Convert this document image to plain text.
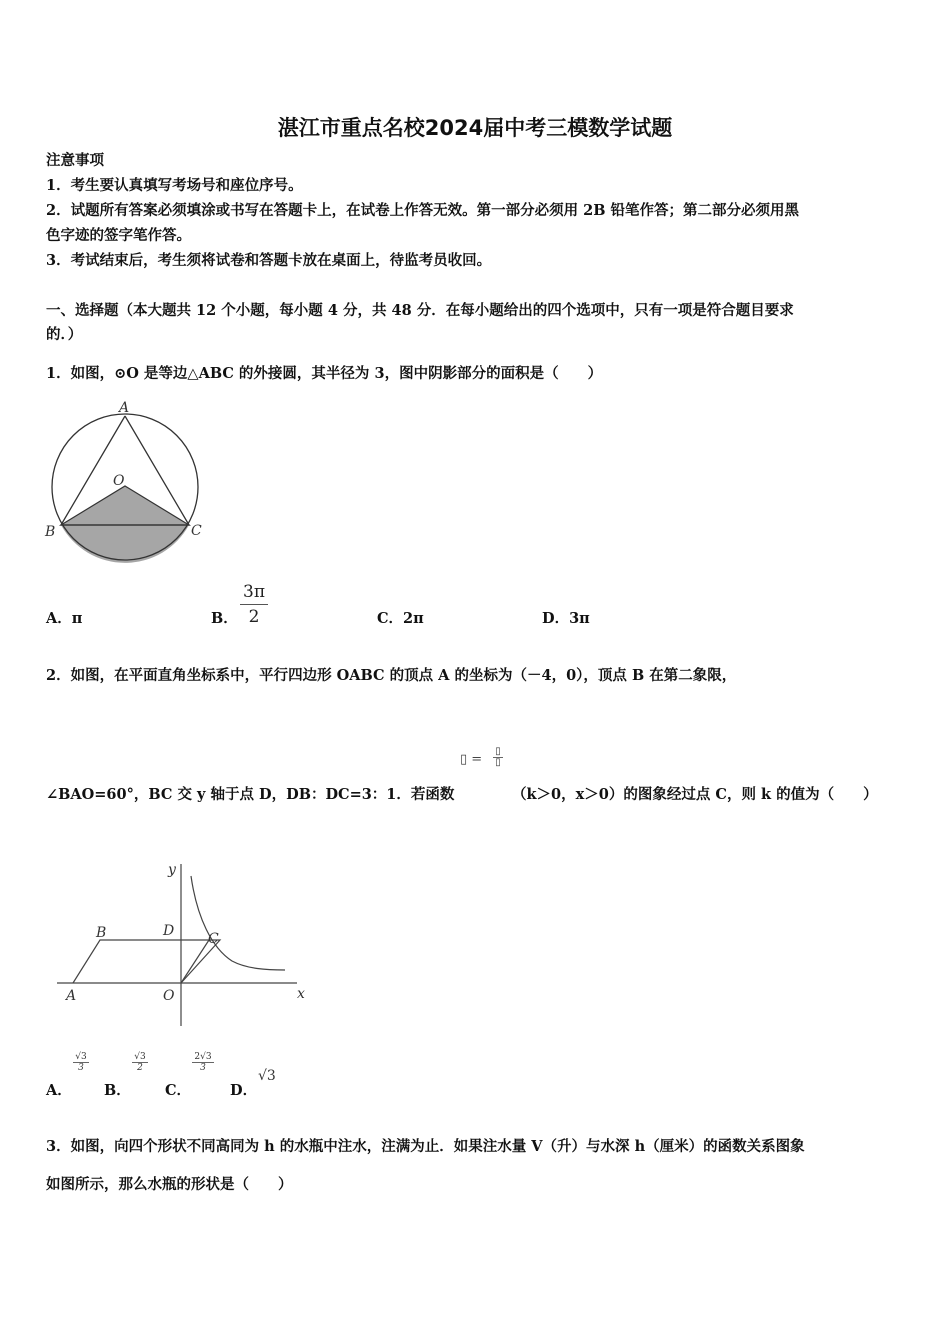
湛江市重点名校2024届中考三模数学试题
注意事项
1．考生要认真填写考场号和座位序号。
2．试题所有答案必须填涂或书写在答题卡上，在试卷上作答无效。第一部分必须用 2B 铅笔作答；第二部分必须用黑
色字迹的签字笔作答。
3．考试结束后，考生须将试卷和答题卡放在桌面上，待监考员收回。
一、选择题（本大题共 12 个小题，每小题 4 分，共 48 分．在每小题给出的四个选项中，只有一项是符合题目要求
的．）
1．如图，⊙O 是等边△ABC 的外接圆，其半径为 3，图中阴影部分的面积是（　　）
A
O
B	C
A．π	B． $\frac{3\pi}{2}$	C．2π	D．3π
2．如图，在平面直角坐标系中，平行四边形 OABC 的顶点 A 的坐标为（－4，0），顶点 B 在第二象限，
▯ =
▯
▯
∠BAO=60°，BC 交 y 轴于点 D，DB：DC=3：1．若函数	（k＞0，x＞0）的图象经过点 C，则 k 的值为（　　）
y
x
B	D C
A	O
A．
$\frac{√3}{3}$
B．
$\frac{√3}{2}$
C．
$\frac{2√3}{3}$
D．
√3
3．如图，向四个形状不同高同为 h 的水瓶中注水，注满为止．如果注水量 V（升）与水深 h（厘米）的函数关系图象
如图所示，那么水瓶的形状是（　　）
